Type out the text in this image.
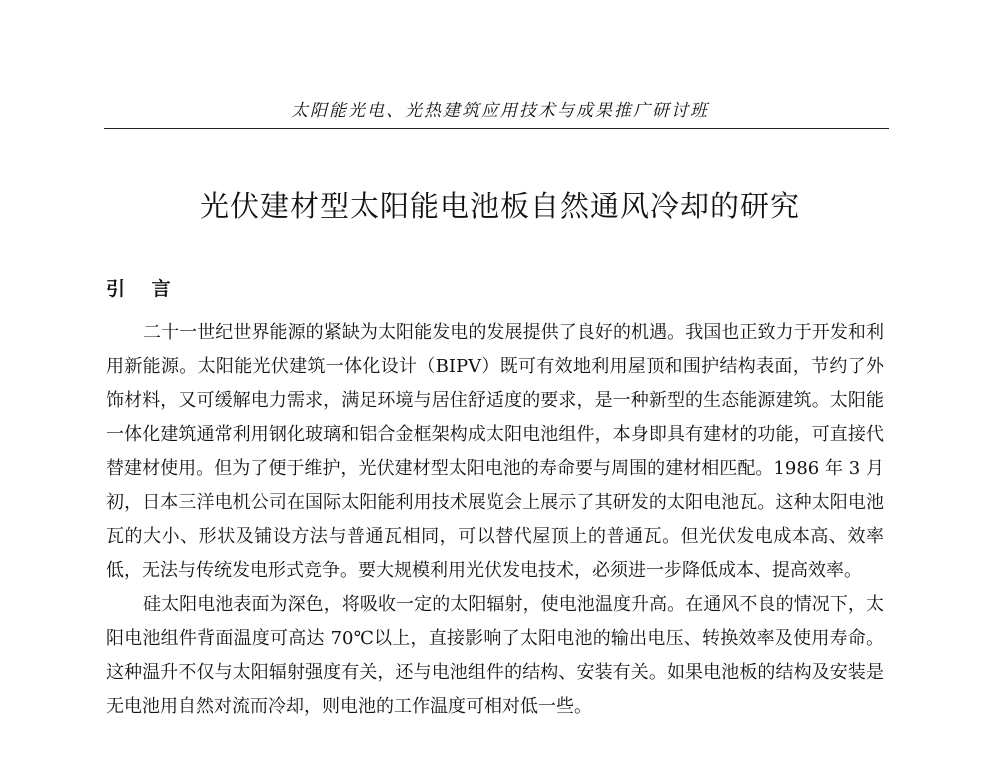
太阳能光电、光热建筑应用技术与成果推广研讨班
光伏建材型太阳能电池板自然通风冷却的研究
引 言

二十一世纪世界能源的紧缺为太阳能发电的发展提供了良好的机遇。我国也正致力于开发和利用新能源。太阳能光伏建筑一体化设计（BIPV）既可有效地利用屋顶和围护结构表面，节约了外饰材料，又可缓解电力需求，满足环境与居住舒适度的要求，是一种新型的生态能源建筑。太阳能一体化建筑通常利用钢化玻璃和铝合金框架构成太阳电池组件，本身即具有建材的功能，可直接代替建材使用。但为了便于维护，光伏建材型太阳电池的寿命要与周围的建材相匹配。1986 年 3 月初，日本三洋电机公司在国际太阳能利用技术展览会上展示了其研发的太阳电池瓦。这种太阳电池瓦的大小、形状及铺设方法与普通瓦相同，可以替代屋顶上的普通瓦。但光伏发电成本高、效率低，无法与传统发电形式竞争。要大规模利用光伏发电技术，必须进一步降低成本、提高效率。

硅太阳电池表面为深色，将吸收一定的太阳辐射，使电池温度升高。在通风不良的情况下，太阳电池组件背面温度可高达 70℃以上，直接影响了太阳电池的输出电压、转换效率及使用寿命。这种温升不仅与太阳辐射强度有关，还与电池组件的结构、安装有关。如果电池板的结构及安装是无电池用自然对流而冷却，则电池的工作温度可相对低一些。
